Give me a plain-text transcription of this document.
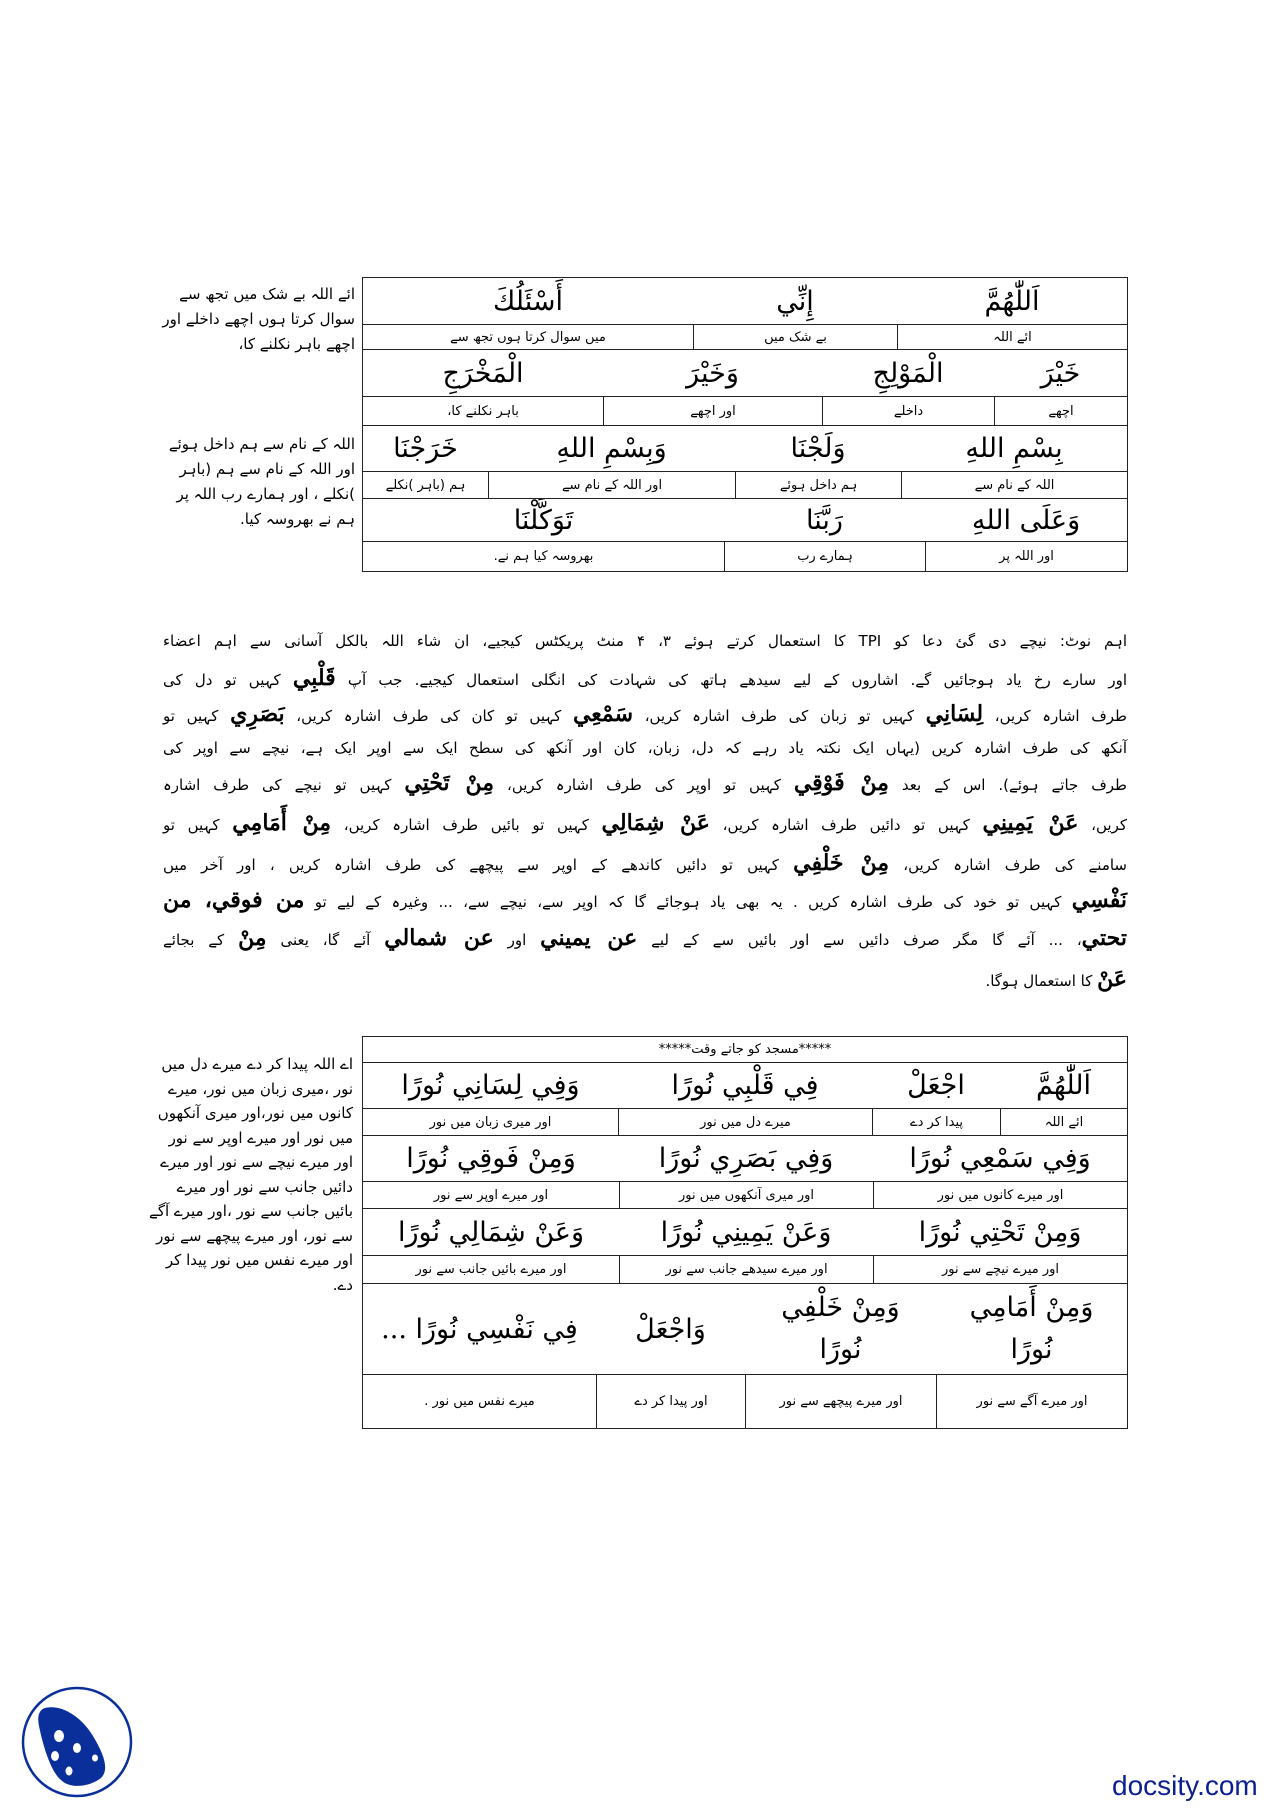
ائے اللہ بے شک میں تجھ سے سوال کرتا ہوں اچھے داخلے اور اچھے باہر نکلنے کا،
اللہ کے نام سے ہم داخل ہوئے اور اللہ کے نام سے ہم (باہر )نکلے ، اور ہمارے رب اللہ پر ہم نے بھروسہ کیا.
اَللّٰهُمَّ
إِنِّي
أَسْئَلُكَ
ائے اللہ
بے شک میں
میں سوال کرتا ہوں تجھ سے
خَيْرَ
الْمَوْلِجِ
وَخَيْرَ
الْمَخْرَجِ
اچھے
داخلے
اور اچھے
باہر نکلنے کا،
بِسْمِ اللهِ
وَلَجْنَا
وَبِسْمِ اللهِ
خَرَجْنَا
اللہ کے نام سے
ہم داخل ہوئے
اور اللہ کے نام سے
ہم (باہر )نکلے
وَعَلَى اللهِ
رَبَّنَا
تَوَكَّلْنَا
اور اللہ پر
ہمارے رب
بھروسہ کیا ہم نے.
اہم نوٹ: نیچے دی گئ دعا کو TPI کا استعمال کرتے ہوئے ۳، ۴ منٹ پریکٹس کیجیے، ان شاء اللہ بالکل آسانی سے اہم اعضاء
اور سارے رخ یاد ہوجائیں گے. اشاروں کے لیے سیدھے ہاتھ کی شہادت کی انگلی استعمال کیجیے. جب آپ قَلْبِي کہیں تو دل کی
طرف اشارہ کریں، لِسَانِي کہیں تو زبان کی طرف اشارہ کریں، سَمْعِي کہیں تو کان کی طرف اشارہ کریں، بَصَرِي کہیں تو
آنکھ کی طرف اشارہ کریں (یہاں ایک نکتہ یاد رہے کہ دل، زبان، کان اور آنکھ کی سطح ایک سے اوپر ایک ہے، نیچے سے اوپر کی
طرف جاتے ہوئے). اس کے بعد مِنْ فَوْقِي کہیں تو اوپر کی طرف اشارہ کریں، مِنْ تَحْتِي کہیں تو نیچے کی طرف اشارہ
کریں، عَنْ يَمِينِي کہیں تو دائیں طرف اشارہ کریں، عَنْ شِمَالِي کہیں تو بائیں طرف اشارہ کریں، مِنْ أَمَامِي کہیں تو
سامنے کی طرف اشارہ کریں، مِنْ خَلْفِي کہیں تو دائیں کاندھے کے اوپر سے پیچھے کی طرف اشارہ کریں ، اور آخر میں
نَفْسِي کہیں تو خود کی طرف اشارہ کریں . یہ بھی یاد ہوجائے گا کہ اوپر سے، نیچے سے، ... وغیرہ کے لیے تو من فوقي، من
تحتي، ... آئے گا مگر صرف دائیں سے اور بائیں سے کے لیے عن يميني اور عن شمالي آئے گا، یعنی مِنْ کے بجائے
عَنْ کا استعمال ہوگا.
اے اللہ پیدا کر دے میرے دل میں نور ،میری زبان میں نور، میرے کانوں میں نور،اور میری آنکھوں میں نور اور میرے اوپر سے نور اور میرے نیچے سے نور اور میرے دائیں جانب سے نور اور میرے بائیں جانب سے نور ،اور میرے آگے سے نور، اور میرے پیچھے سے نور اور میرے نفس میں نور پیدا کر دے.
*****مسجد کو جاتے وقت*****
اَللّٰهُمَّ
اجْعَلْ
فِي قَلْبِي نُورًا
وَفِي لِسَانِي نُورًا
ائے اللہ
پیدا کر دے
میرے دل میں نور
اور میری زبان میں نور
وَفِي سَمْعِي نُورًا
وَفِي بَصَرِي نُورًا
وَمِنْ فَوقِي نُورًا
اور میرے کانوں میں نور
اور میری آنکھوں میں نور
اور میرے اوپر سے نور
وَمِنْ تَحْتِي نُورًا
وَعَنْ يَمِينِي نُورًا
وَعَنْ شِمَالِي نُورًا
اور میرے نیچے سے نور
اور میرے سیدھے جانب سے نور
اور میرے بائیں جانب سے نور
وَمِنْ أَمَامِي نُورًا
وَمِنْ خَلْفِي نُورًا
وَاجْعَلْ
فِي نَفْسِي نُورًا ...
اور میرے آگے سے نور
اور میرے پیچھے سے نور
اور پیدا کر دے
میرے نفس میں نور .
docsity.com
